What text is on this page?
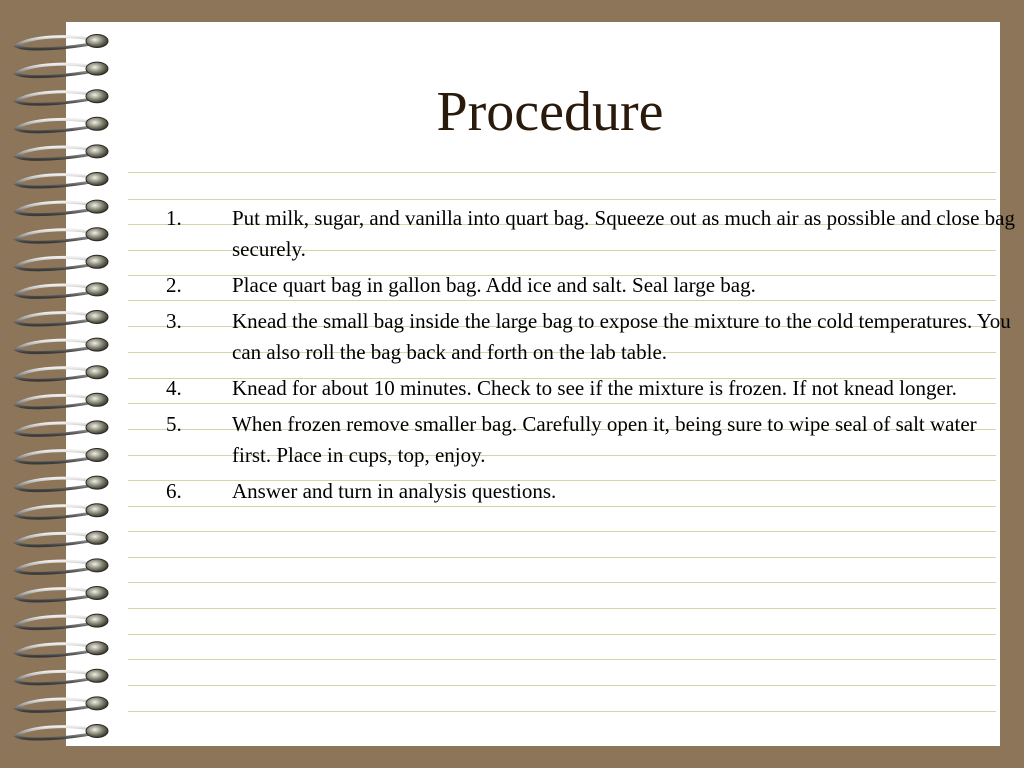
Procedure
1.	Put milk, sugar, and vanilla into quart bag. Squeeze out as much air as possible and close bag securely.
2.	Place quart bag in gallon bag. Add ice and salt. Seal large bag.
3.	Knead the small bag inside the large bag to expose the mixture to the cold temperatures. You can also roll the bag back and forth on the lab table.
4.	Knead for about 10 minutes. Check to see if the mixture is frozen. If not knead longer.
5.	When frozen remove smaller bag. Carefully open it, being sure to wipe seal of salt water first. Place in cups, top, enjoy.
6.	Answer and turn in analysis questions.
